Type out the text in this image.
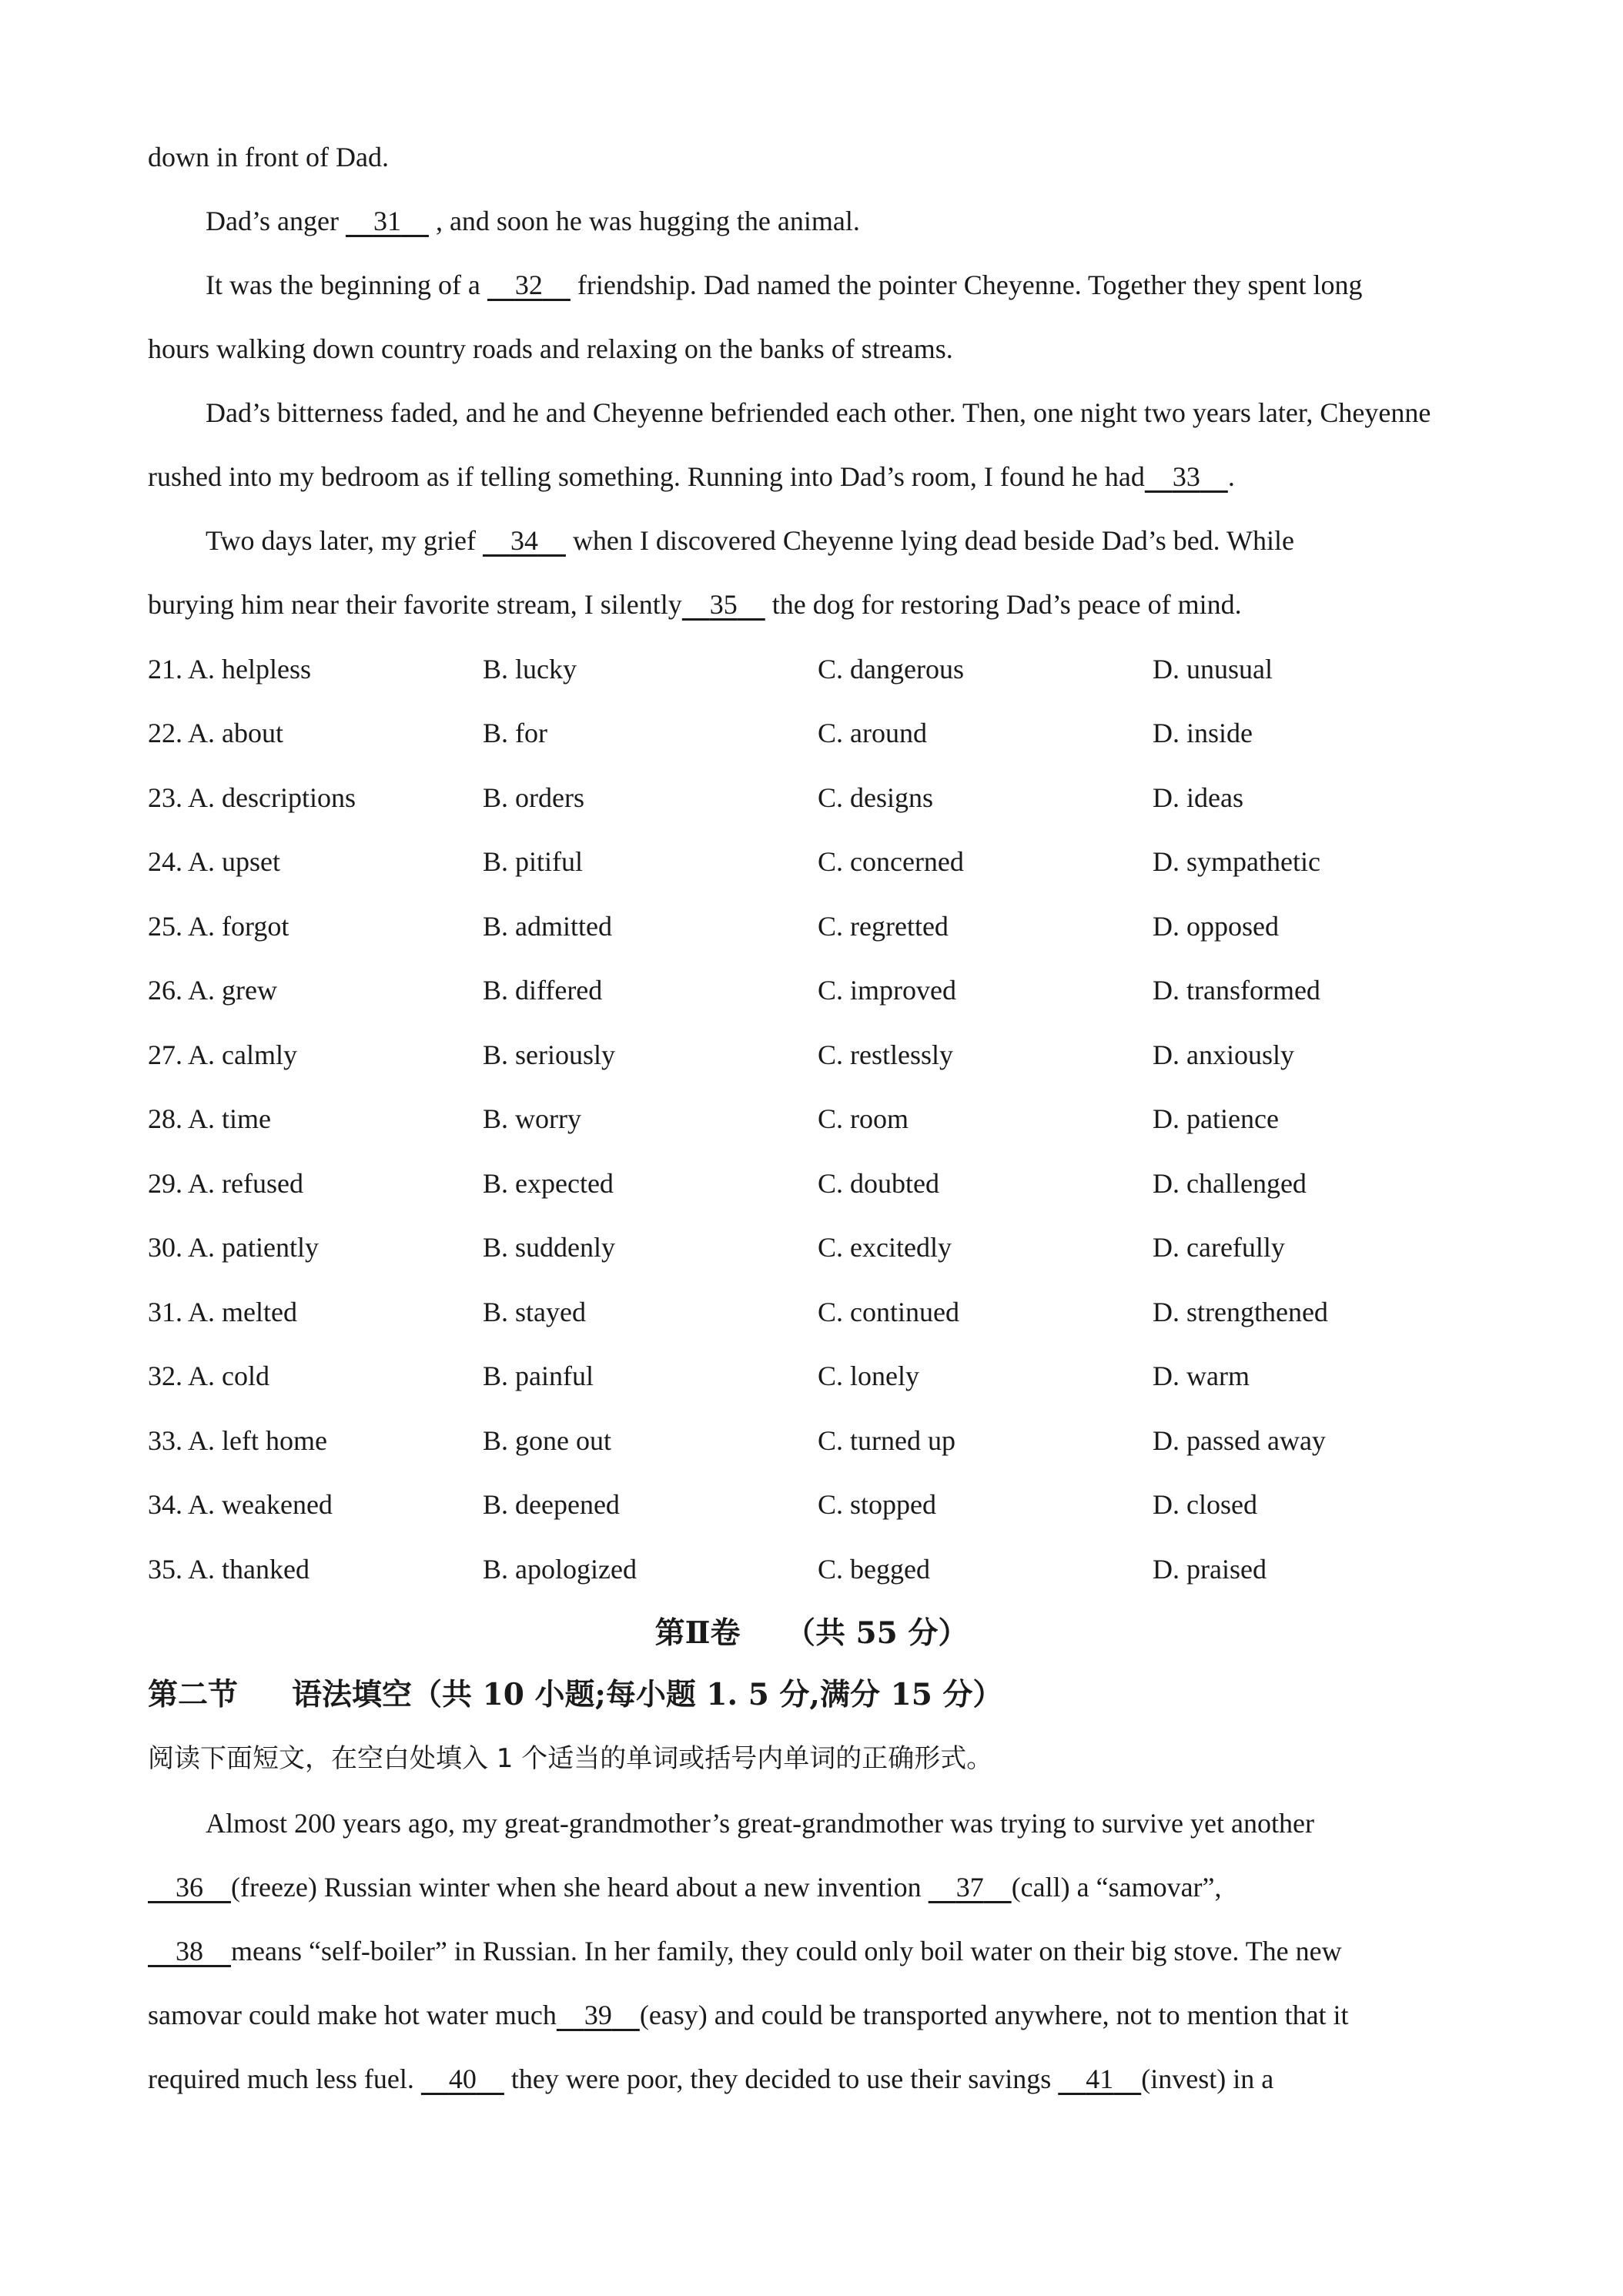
down in front of Dad.

Dad’s anger     31     , and soon he was hugging the animal.

It was the beginning of a     32     friendship. Dad named the pointer Cheyenne. Together they spent long

hours walking down country roads and relaxing on the banks of streams.

Dad’s bitterness faded, and he and Cheyenne befriended each other. Then, one night two years later, Cheyenne

rushed into my bedroom as if telling something. Running into Dad’s room, I found he had 33 .

Two days later, my grief     34     when I discovered Cheyenne lying dead beside Dad’s bed. While

burying him near their favorite stream, I silently 35     the dog for restoring Dad’s peace of mind.

21. A. helpless	B. lucky	C. dangerous	D. unusual
22. A. about	B. for	C. around	D. inside
23. A. descriptions	B. orders	C. designs	D. ideas
24. A. upset	B. pitiful	C. concerned	D. sympathetic
25. A. forgot	B. admitted	C. regretted	D. opposed
26. A. grew	B. differed	C. improved	D. transformed
27. A. calmly	B. seriously	C. restlessly	D. anxiously
28. A. time	B. worry	C. room	D. patience
29. A. refused	B. expected	C. doubted	D. challenged
30. A. patiently	B. suddenly	C. excitedly	D. carefully
31. A. melted	B. stayed	C. continued	D. strengthened
32. A. cold	B. painful	C. lonely	D. warm
33. A. left home	B. gone out	C. turned up	D. passed away
34. A. weakened	B. deepened	C. stopped	D. closed
35. A. thanked	B. apologized	C. begged	D. praised
第Ⅱ卷　　（共 55 分）
第二节 语法填空（共 10 小题;每小题 1. 5 分,满分 15 分）
阅读下面短文，在空白处填入 1 个适当的单词或括号内单词的正确形式。

Almost 200 years ago, my great-grandmother’s great-grandmother was trying to survive yet another

36 (freeze) Russian winter when she heard about a new invention     37 (call) a “samovar”,

38 means “self-boiler” in Russian. In her family, they could only boil water on their big stove. The new

samovar could make hot water much 39 (easy) and could be transported anywhere, not to mention that it

required much less fuel.     40     they were poor, they decided to use their savings     41 (invest) in a
